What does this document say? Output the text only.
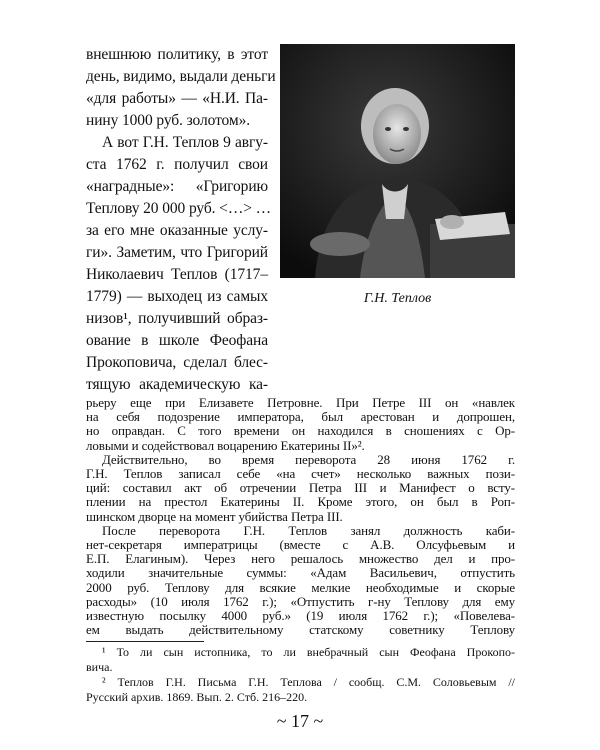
внешнюю политику, в этот
день, видимо, выдали деньги
«для работы» — «Н.И. Па-
нину 1000 руб. золотом».
А вот Г.Н. Теплов 9 авгу-
ста 1762 г. получил свои
«наградные»: «Григорию
Теплову 20 000 руб. <…> …
за его мне оказанные услу-
ги». Заметим, что Григорий
Николаевич Теплов (1717–
1779) — выходец из самых
низов¹, получивший образ-
ование в школе Феофана
Прокоповича, сделал блес-
тящую академическую ка-
Г.Н. Теплов
рьеру еще при Елизавете Петровне. При Петре III он «навлек
на себя подозрение императора, был арестован и допрошен,
но оправдан. С того времени он находился в сношениях с Ор-
ловыми и содействовал воцарению Екатерины II»².
Действительно, во время переворота 28 июня 1762 г.
Г.Н. Теплов записал себе «на счет» несколько важных пози-
ций: составил акт об отречении Петра III и Манифест о всту-
плении на престол Екатерины II. Кроме этого, он был в Роп-
шинском дворце на момент убийства Петра III.
После переворота Г.Н. Теплов занял должность каби-
нет-секретаря императрицы (вместе с А.В. Олсуфьевым и
Е.П. Елагиным). Через него решалось множество дел и про-
ходили значительные суммы: «Адам Васильевич, отпустить
2000 руб. Теплову для всякие мелкие необходимые и скорые
расходы» (10 июля 1762 г.); «Отпустить г-ну Теплову для ему
известную посылку 4000 руб.» (19 июля 1762 г.); «Повелева-
ем выдать действительному статскому советнику Теплову
¹ То ли сын истопника, то ли внебрачный сын Феофана Прокопо-
вича.
² Теплов Г.Н. Письма Г.Н. Теплова / сообщ. С.М. Соловьевым //
Русский архив. 1869. Вып. 2. Стб. 216–220.
~ 17 ~
